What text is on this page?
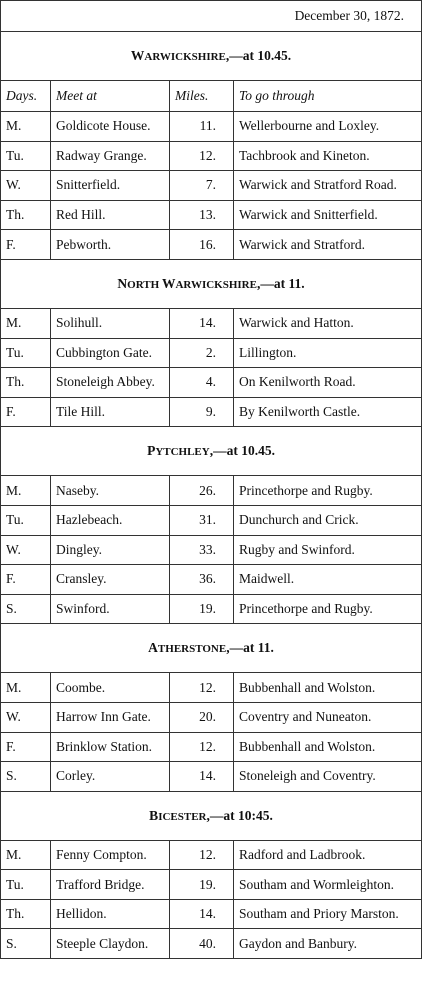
December 30, 1872.			
WARWICKSHIRE,—at 10.45.			
Days.	Meet at	Miles.	To go through
M.	Goldicote House.	11.	Wellerbourne and Loxley.
Tu.	Radway Grange.	12.	Tachbrook and Kineton.
W.	Snitterfield.	7.	Warwick and Stratford Road.
Th.	Red Hill.	13.	Warwick and Snitterfield.
F.	Pebworth.	16.	Warwick and Stratford.
NORTH WARWICKSHIRE,—at 11.			
M.	Solihull.	14.	Warwick and Hatton.
Tu.	Cubbington Gate.	2.	Lillington.
Th.	Stoneleigh Abbey.	4.	On Kenilworth Road.
F.	Tile Hill.	9.	By Kenilworth Castle.
PYTCHLEY,—at 10.45.			
M.	Naseby.	26.	Princethorpe and Rugby.
Tu.	Hazlebeach.	31.	Dunchurch and Crick.
W.	Dingley.	33.	Rugby and Swinford.
F.	Cransley.	36.	Maidwell.
S.	Swinford.	19.	Princethorpe and Rugby.
ATHERSTONE,—at 11.			
M.	Coombe.	12.	Bubbenhall and Wolston.
W.	Harrow Inn Gate.	20.	Coventry and Nuneaton.
F.	Brinklow Station.	12.	Bubbenhall and Wolston.
S.	Corley.	14.	Stoneleigh and Coventry.
BICESTER,—at 10:45.			
M.	Fenny Compton.	12.	Radford and Ladbrook.
Tu.	Trafford Bridge.	19.	Southam and Wormleighton.
Th.	Hellidon.	14.	Southam and Priory Marston.
S.	Steeple Claydon.	40.	Gaydon and Banbury.
